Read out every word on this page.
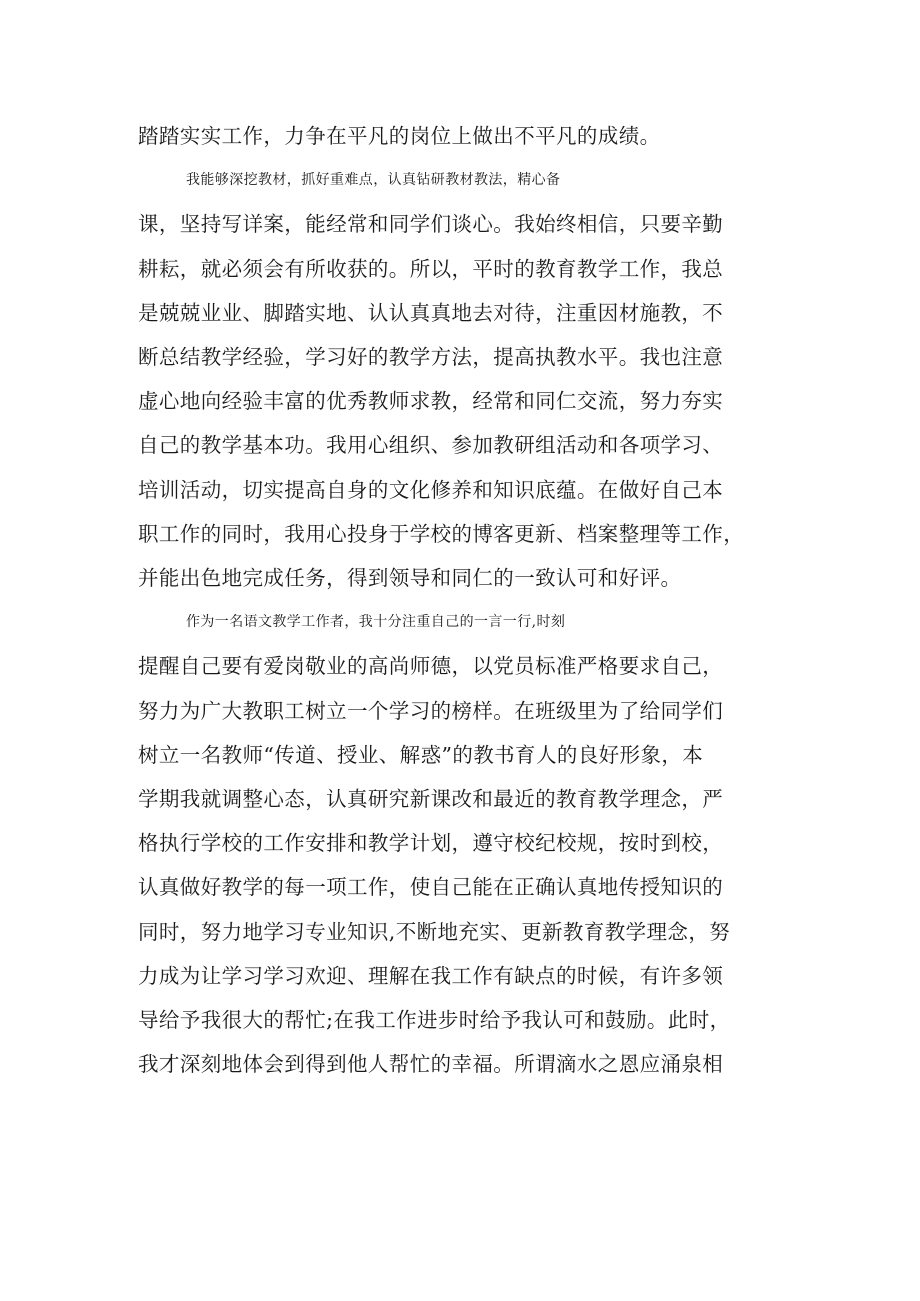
踏踏实实工作，力争在平凡的岗位上做出不平凡的成绩。
我能够深挖教材，抓好重难点，认真钻研教材教法，精心备
课，坚持写详案，能经常和同学们谈心。我始终相信，只要辛勤
耕耘，就必须会有所收获的。所以，平时的教育教学工作，我总
是兢兢业业、脚踏实地、认认真真地去对待，注重因材施教，不
断总结教学经验，学习好的教学方法，提高执教水平。我也注意
虚心地向经验丰富的优秀教师求教，经常和同仁交流，努力夯实
自己的教学基本功。我用心组织、参加教研组活动和各项学习、
培训活动，切实提高自身的文化修养和知识底蕴。在做好自己本
职工作的同时，我用心投身于学校的博客更新、档案整理等工作，
并能出色地完成任务，得到领导和同仁的一致认可和好评。
作为一名语文教学工作者，我十分注重自己的一言一行,时刻
提醒自己要有爱岗敬业的高尚师德，以党员标准严格要求自己，
努力为广大教职工树立一个学习的榜样。在班级里为了给同学们
树立一名教师“传道、授业、解惑”的教书育人的良好形象，本
学期我就调整心态，认真研究新课改和最近的教育教学理念，严
格执行学校的工作安排和教学计划，遵守校纪校规，按时到校，
认真做好教学的每一项工作，使自己能在正确认真地传授知识的
同时，努力地学习专业知识,不断地充实、更新教育教学理念，努
力成为让学习学习欢迎、理解在我工作有缺点的时候，有许多领
导给予我很大的帮忙;在我工作进步时给予我认可和鼓励。此时，
我才深刻地体会到得到他人帮忙的幸福。所谓滴水之恩应涌泉相
